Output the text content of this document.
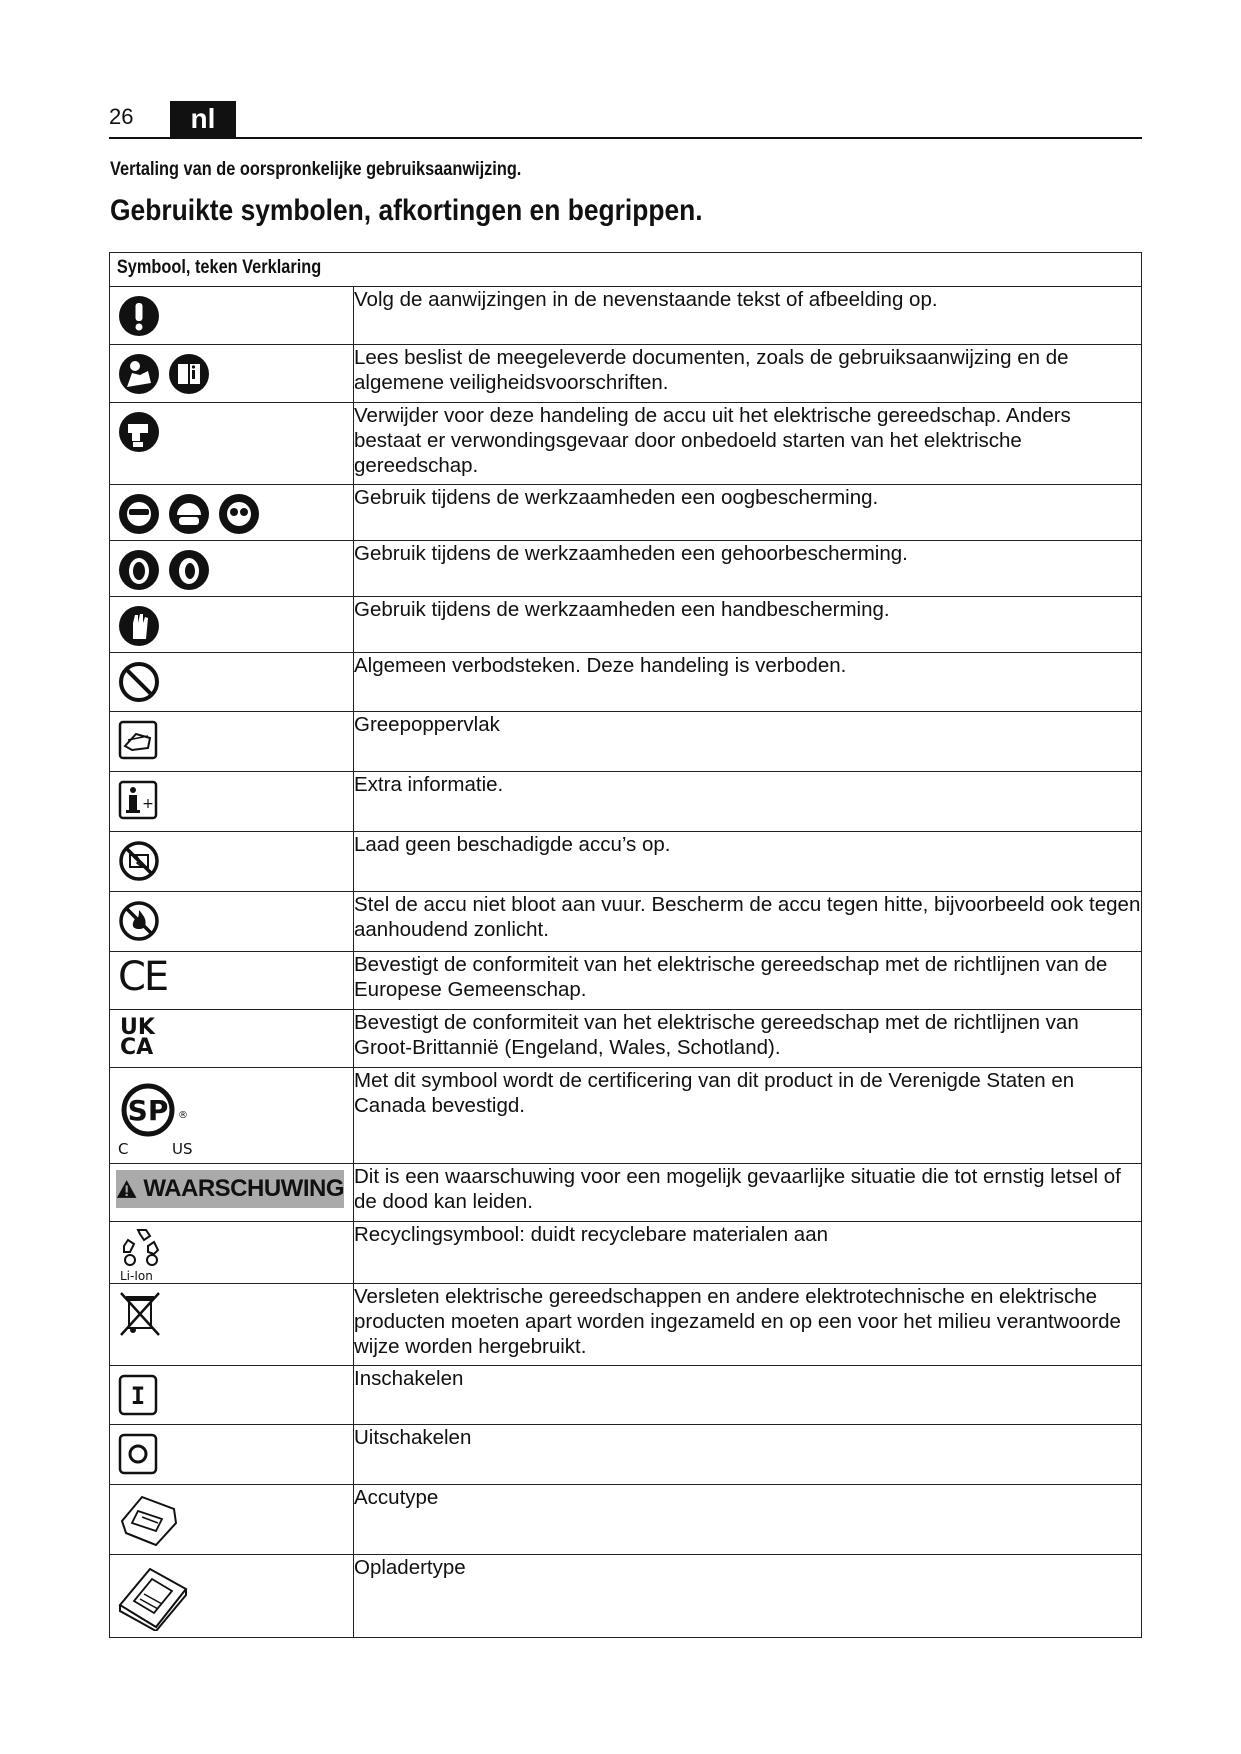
26	nl
Vertaling van de oorspronkelijke gebruiksaanwijzing.
Gebruikte symbolen, afkortingen en begrippen.
Symbool, teken Verklaring	

	Volg de aanwijzingen in de nevenstaande tekst of afbeelding op.

	Lees beslist de meegeleverde documenten, zoals de gebruiksaanwijzing en de algemene veiligheidsvoorschriften.

	Verwijder voor deze handeling de accu uit het elektrische gereedschap. Anders bestaat er verwondingsgevaar door onbedoeld starten van het elektrische gereedschap.

	Gebruik tijdens de werkzaamheden een oogbescherming.

	Gebruik tijdens de werkzaamheden een gehoorbescherming.

	Gebruik tijdens de werkzaamheden een handbescherming.

	Algemeen verbodsteken. Deze handeling is verboden.

	Greepoppervlak

+	Extra informatie.

	Laad geen beschadigde accu’s op.

	Stel de accu niet bloot aan vuur. Bescherm de accu tegen hitte, bijvoorbeeld ook tegen aanhoudend zonlicht.

CE	Bevestigt de conformiteit van het elektrische gereedschap met de richtlijnen van de Europese Gemeenschap.

UK
CA	Bevestigt de conformiteit van het elektrische gereedschap met de richtlijnen van Groot-Brittannië (Engeland, Wales, Schotland).

SP ®
C US	Met dit symbool wordt de certificering van dit product in de Verenigde Staten en Canada bevestigd.

WAARSCHUWING	Dit is een waarschuwing voor een mogelijk gevaarlijke situatie die tot ernstig letsel of de dood kan leiden.

Li-Ion	Recyclingsymbool: duidt recyclebare materialen aan

	Versleten elektrische gereedschappen en andere elektrotechnische en elektrische producten moeten apart worden ingezameld en op een voor het milieu verantwoorde wijze worden hergebruikt.

I	Inschakelen

	Uitschakelen

	Accutype

	Opladertype
